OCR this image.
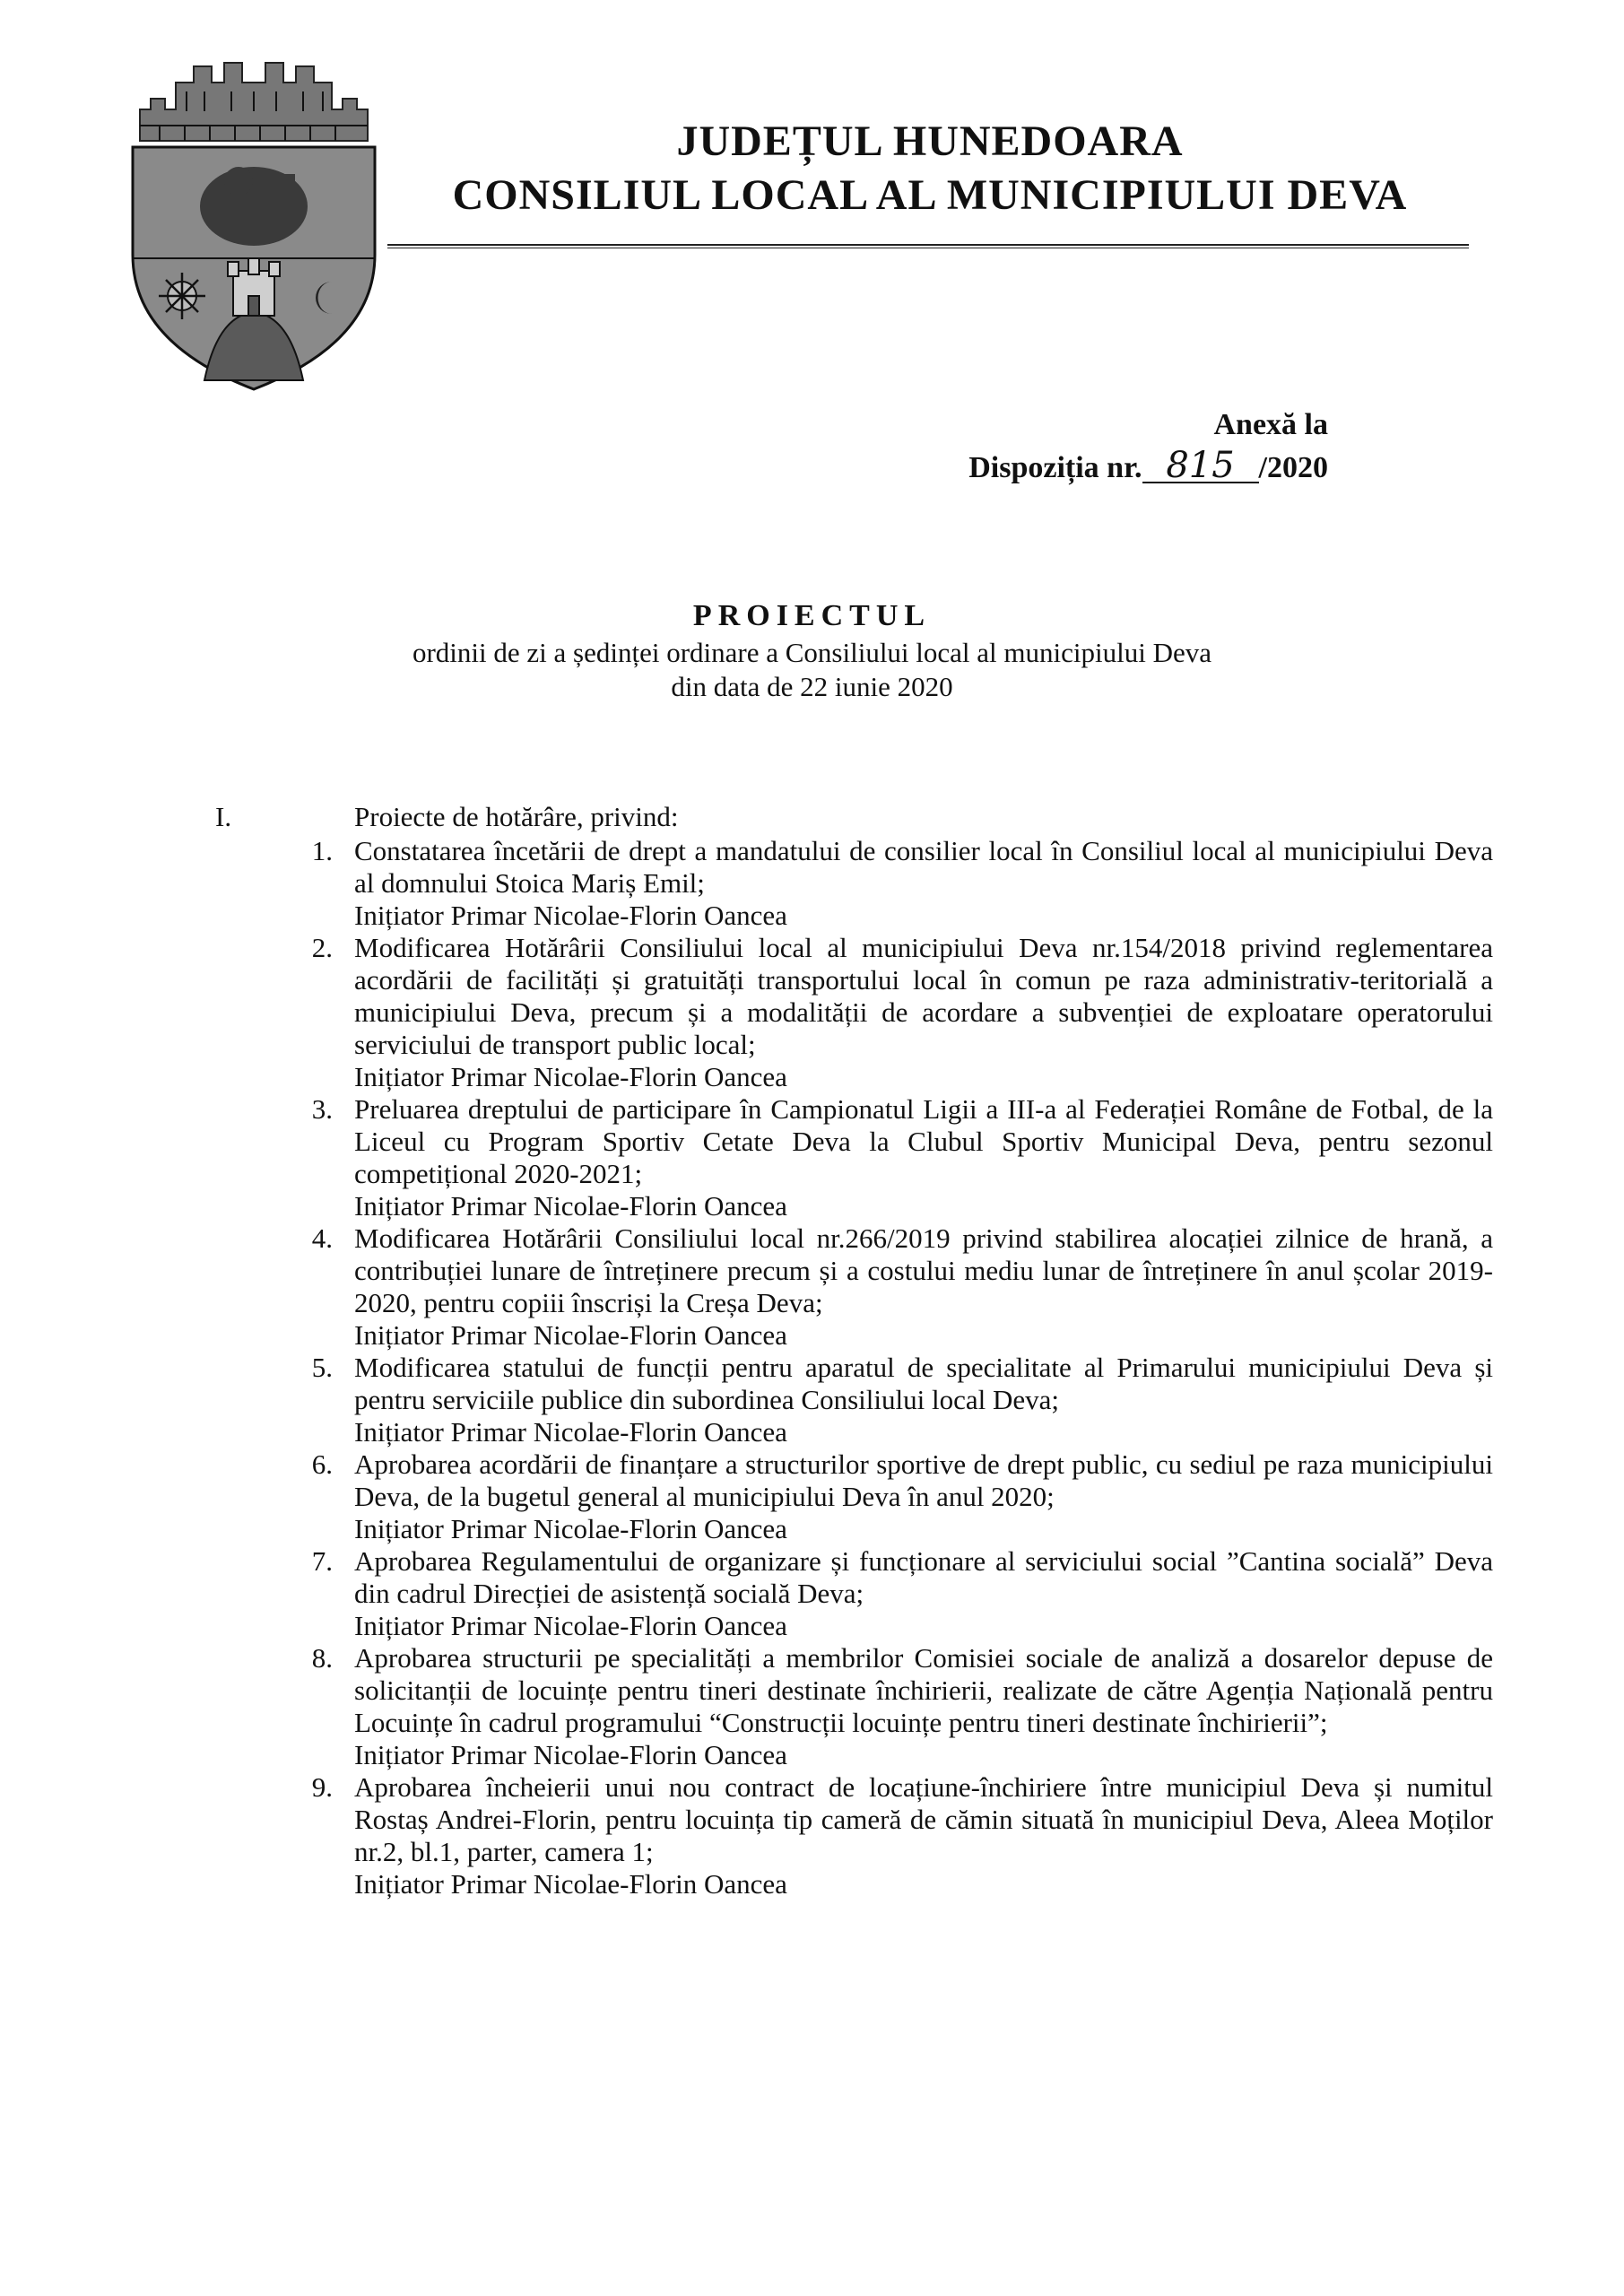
JUDEȚUL HUNEDOARA
CONSILIUL LOCAL AL MUNICIPIULUI DEVA
Anexă la
Dispoziția nr. 815 /2020
PROIECTUL
ordinii de zi a ședinței ordinare a Consiliului local al municipiului Deva
din data de 22 iunie 2020
I.	Proiecte de hotărâre, privind:
1. Constatarea încetării de drept a mandatului de consilier local în Consiliul local al municipiului Deva al domnului Stoica Mariș Emil;
Inițiator Primar Nicolae-Florin Oancea
2. Modificarea Hotărârii Consiliului local al municipiului Deva nr.154/2018 privind reglementarea acordării de facilități și gratuități transportului local în comun pe raza administrativ-teritorială a municipiului Deva, precum și a modalității de acordare a subvenției de exploatare operatorului serviciului de transport public local;
Inițiator Primar Nicolae-Florin Oancea
3. Preluarea dreptului de participare în Campionatul Ligii a III-a al Federației Române de Fotbal, de la Liceul cu Program Sportiv Cetate Deva la Clubul Sportiv Municipal Deva, pentru sezonul competițional 2020-2021;
Inițiator Primar Nicolae-Florin Oancea
4. Modificarea Hotărârii Consiliului local nr.266/2019 privind stabilirea alocației zilnice de hrană, a contribuției lunare de întreținere precum și a costului mediu lunar de întreținere în anul școlar 2019-2020, pentru copiii înscriși la Creșa Deva;
Inițiator Primar Nicolae-Florin Oancea
5. Modificarea statului de funcții pentru aparatul de specialitate al Primarului municipiului Deva și pentru serviciile publice din subordinea Consiliului local Deva;
Inițiator Primar Nicolae-Florin Oancea
6. Aprobarea acordării de finanțare a structurilor sportive de drept public, cu sediul pe raza municipiului Deva, de la bugetul general al municipiului Deva în anul 2020;
Inițiator Primar Nicolae-Florin Oancea
7. Aprobarea Regulamentului de organizare și funcționare al serviciului social ”Cantina socială” Deva din cadrul Direcției de asistență socială Deva;
Inițiator Primar Nicolae-Florin Oancea
8. Aprobarea structurii pe specialități a membrilor Comisiei sociale de analiză a dosarelor depuse de solicitanții de locuințe pentru tineri destinate închirierii, realizate de către Agenția Națională pentru Locuințe în cadrul programului “Construcții locuințe pentru tineri destinate închirierii”;
Inițiator Primar Nicolae-Florin Oancea
9. Aprobarea încheierii unui nou contract de locațiune-închiriere între municipiul Deva și numitul Rostaș Andrei-Florin, pentru locuința tip cameră de cămin situată în municipiul Deva, Aleea Moților nr.2, bl.1, parter, camera 1;
Inițiator Primar Nicolae-Florin Oancea
